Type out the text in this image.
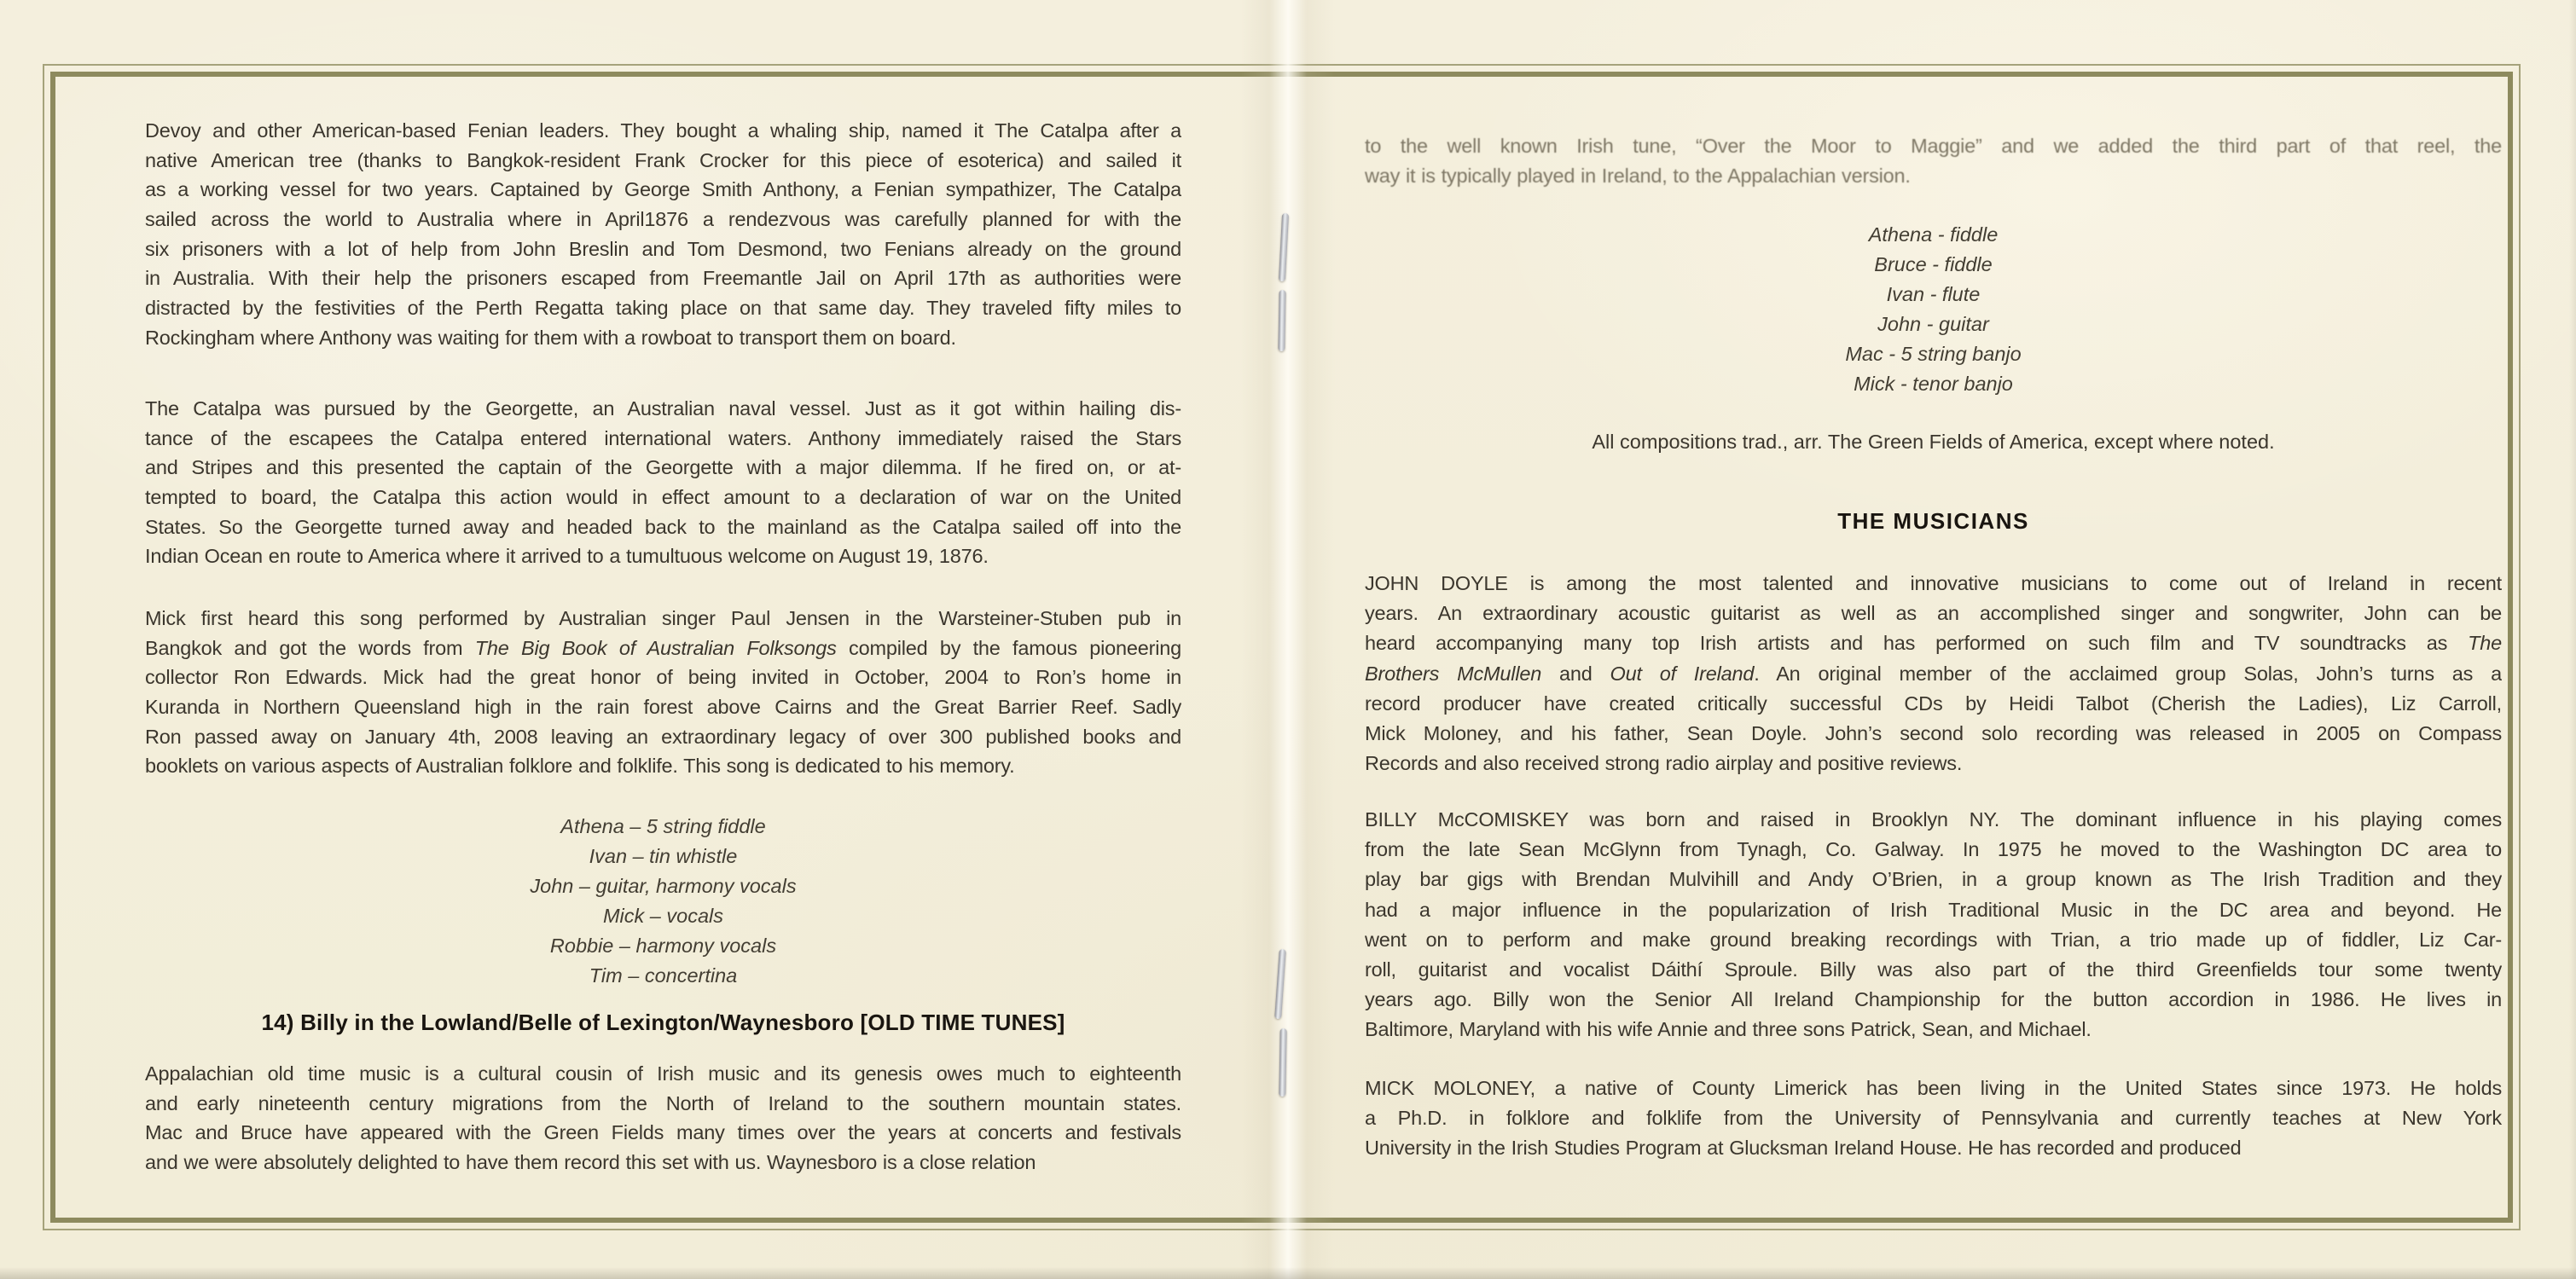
Devoy and other American-based Fenian leaders. They bought a whaling ship, named it The Catalpa after a
native American tree (thanks to Bangkok-resident Frank Crocker for this piece of esoterica) and sailed it
as a working vessel for two years. Captained by George Smith Anthony, a Fenian sympathizer, The Catalpa
sailed across the world to Australia where in April1876 a rendezvous was carefully planned for with the
six prisoners with a lot of help from John Breslin and Tom Desmond, two Fenians already on the ground
in Australia. With their help the prisoners escaped from Freemantle Jail on April 17th as authorities were
distracted by the festivities of the Perth Regatta taking place on that same day. They traveled fifty miles to
Rockingham where Anthony was waiting for them with a rowboat to transport them on board.
The Catalpa was pursued by the Georgette, an Australian naval vessel. Just as it got within hailing dis-
tance of the escapees the Catalpa entered international waters. Anthony immediately raised the Stars
and Stripes and this presented the captain of the Georgette with a major dilemma. If he fired on, or at-
tempted to board, the Catalpa this action would in effect amount to a declaration of war on the United
States. So the Georgette turned away and headed back to the mainland as the Catalpa sailed off into the
Indian Ocean en route to America where it arrived to a tumultuous welcome on August 19, 1876.
Mick first heard this song performed by Australian singer Paul Jensen in the Warsteiner-Stuben pub in
Bangkok and got the words from The Big Book of Australian Folksongs compiled by the famous pioneering
collector Ron Edwards. Mick had the great honor of being invited in October, 2004 to Ron’s home in
Kuranda in Northern Queensland high in the rain forest above Cairns and the Great Barrier Reef. Sadly
Ron passed away on January 4th, 2008 leaving an extraordinary legacy of over 300 published books and
booklets on various aspects of Australian folklore and folklife. This song is dedicated to his memory.
Athena – 5 string fiddle
Ivan – tin whistle
John – guitar, harmony vocals
Mick – vocals
Robbie – harmony vocals
Tim – concertina
14) Billy in the Lowland/Belle of Lexington/Waynesboro [OLD TIME TUNES]
Appalachian old time music is a cultural cousin of Irish music and its genesis owes much to eighteenth
and early nineteenth century migrations from the North of Ireland to the southern mountain states.
Mac and Bruce have appeared with the Green Fields many times over the years at concerts and festivals
and we were absolutely delighted to have them record this set with us. Waynesboro is a close relation
to the well known Irish tune, “Over the Moor to Maggie” and we added the third part of that reel, the
way it is typically played in Ireland, to the Appalachian version.
Athena - fiddle
Bruce - fiddle
Ivan - flute
John - guitar
Mac - 5 string banjo
Mick - tenor banjo
All compositions trad., arr. The Green Fields of America, except where noted.
THE MUSICIANS
JOHN DOYLE is among the most talented and innovative musicians to come out of Ireland in recent
years. An extraordinary acoustic guitarist as well as an accomplished singer and songwriter, John can be
heard accompanying many top Irish artists and has performed on such film and TV soundtracks as The
Brothers McMullen and Out of Ireland. An original member of the acclaimed group Solas, John’s turns as a
record producer have created critically successful CDs by Heidi Talbot (Cherish the Ladies), Liz Carroll,
Mick Moloney, and his father, Sean Doyle. John’s second solo recording was released in 2005 on Compass
Records and also received strong radio airplay and positive reviews.
BILLY McCOMISKEY was born and raised in Brooklyn NY. The dominant influence in his playing comes
from the late Sean McGlynn from Tynagh, Co. Galway. In 1975 he moved to the Washington DC area to
play bar gigs with Brendan Mulvihill and Andy O’Brien, in a group known as The Irish Tradition and they
had a major influence in the popularization of Irish Traditional Music in the DC area and beyond. He
went on to perform and make ground breaking recordings with Trian, a trio made up of fiddler, Liz Car-
roll, guitarist and vocalist Dáithí Sproule. Billy was also part of the third Greenfields tour some twenty
years ago. Billy won the Senior All Ireland Championship for the button accordion in 1986. He lives in
Baltimore, Maryland with his wife Annie and three sons Patrick, Sean, and Michael.
MICK MOLONEY, a native of County Limerick has been living in the United States since 1973. He holds
a Ph.D. in folklore and folklife from the University of Pennsylvania and currently teaches at New York
University in the Irish Studies Program at Glucksman Ireland House. He has recorded and produced
